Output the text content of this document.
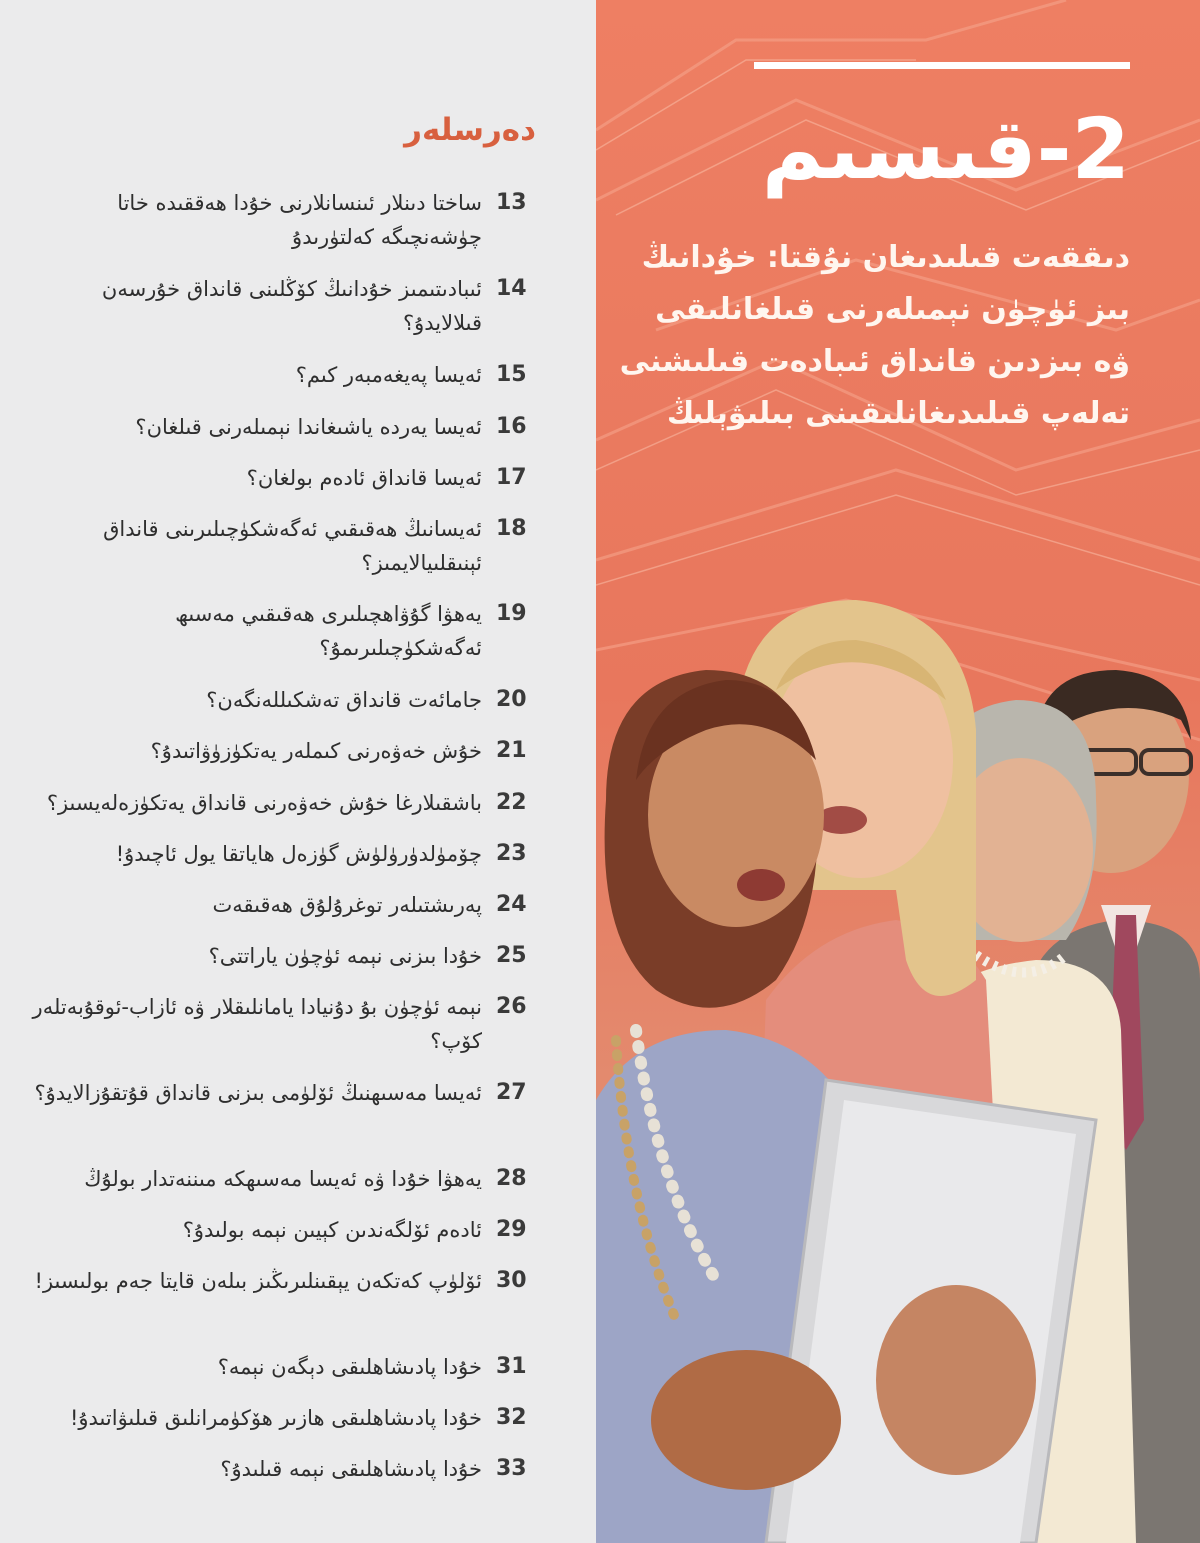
دەرسلەر
13
ساختا دىنلار ئىنسانلارنى خۇدا ھەققىدە خاتا چۈشەنچىگە كەلتۈرىدۇ
14
ئىبادىتىمىز خۇدانىڭ كۆڭلىنى قانداق خۇرسەن قىلالايدۇ؟
15
ئەيسا پەيغەمبەر كىم؟
16
ئەيسا يەردە ياشىغاندا نېمىلەرنى قىلغان؟
17
ئەيسا قانداق ئادەم بولغان؟
18
ئەيسانىڭ ھەقىقىي ئەگەشكۈچىلىرىنى قانداق ئېنىقلىيالايمىز؟
19
يەھۋا گۇۋاھچىلىرى ھەقىقىي مەسىھ ئەگەشكۈچىلىرىمۇ؟
20
جامائەت قانداق تەشكىللەنگەن؟
21
خۇش خەۋەرنى كىملەر يەتكۈزۈۋاتىدۇ؟
22
باشقىلارغا خۇش خەۋەرنى قانداق يەتكۈزەلەيسىز؟
23
چۆمۈلدۈرۈلۈش گۈزەل ھاياتقا يول ئاچىدۇ!
24
پەرىشتىلەر توغرۇلۇق ھەقىقەت
25
خۇدا بىزنى نېمە ئۈچۈن ياراتتى؟
26
نېمە ئۈچۈن بۇ دۇنيادا يامانلىقلار ۋە ئازاب-ئوقۇبەتلەر كۆپ؟
27
ئەيسا مەسىھنىڭ ئۆلۈمى بىزنى قانداق قۇتقۇزالايدۇ؟
28
يەھۋا خۇدا ۋە ئەيسا مەسىھكە مىننەتدار بولۇڭ
29
ئادەم ئۆلگەندىن كېيىن نېمە بولىدۇ؟
30
ئۆلۈپ كەتكەن يېقىنلىرىڭىز بىلەن قايتا جەم بولىسىز!
31
خۇدا پادىشاھلىقى دېگەن نېمە؟
32
خۇدا پادىشاھلىقى ھازىر ھۆكۈمرانلىق قىلىۋاتىدۇ!
33
خۇدا پادىشاھلىقى نېمە قىلىدۇ؟
2-قىسىم
دىققەت قىلىدىغان نۇقتا: خۇدانىڭ بىز ئۈچۈن نېمىلەرنى قىلغانلىقى ۋە بىزدىن قانداق ئىبادەت قىلىشنى تەلەپ قىلىدىغانلىقىنى بىلىۋېلىڭ
